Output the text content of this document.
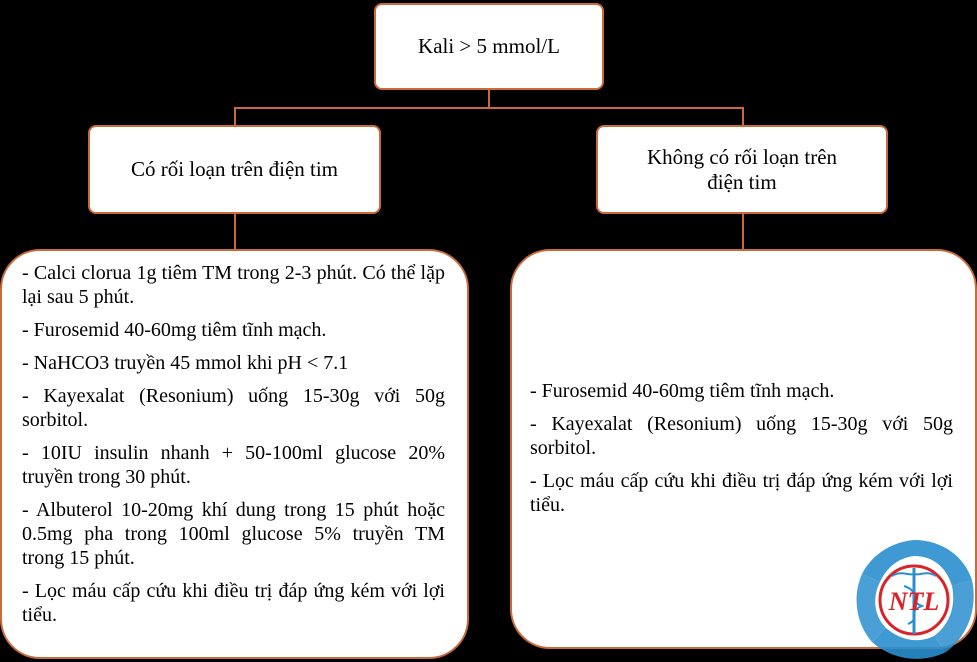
Kali > 5 mmol/L
Có rối loạn trên điện tim
Không có rối loạn trên điện tim

- Calci clorua 1g tiêm TM trong 2-3 phút. Có thể lặp lại sau 5 phút.

- Furosemid 40-60mg tiêm tĩnh mạch.

- NaHCO3 truyền 45 mmol khi pH < 7.1

- Kayexalat (Resonium) uống 15-30g với 50g sorbitol.

- 10IU insulin nhanh + 50-100ml glucose 20% truyền trong 30 phút.

- Albuterol 10-20mg khí dung trong 15 phút hoặc 0.5mg pha trong 100ml glucose 5% truyền TM trong 15 phút.

- Lọc máu cấp cứu khi điều trị đáp ứng kém với lợi tiểu.

- Furosemid 40-60mg tiêm tĩnh mạch.

- Kayexalat (Resonium) uống 15-30g với 50g sorbitol.

- Lọc máu cấp cứu khi điều trị đáp ứng kém với lợi tiểu.

NTL
